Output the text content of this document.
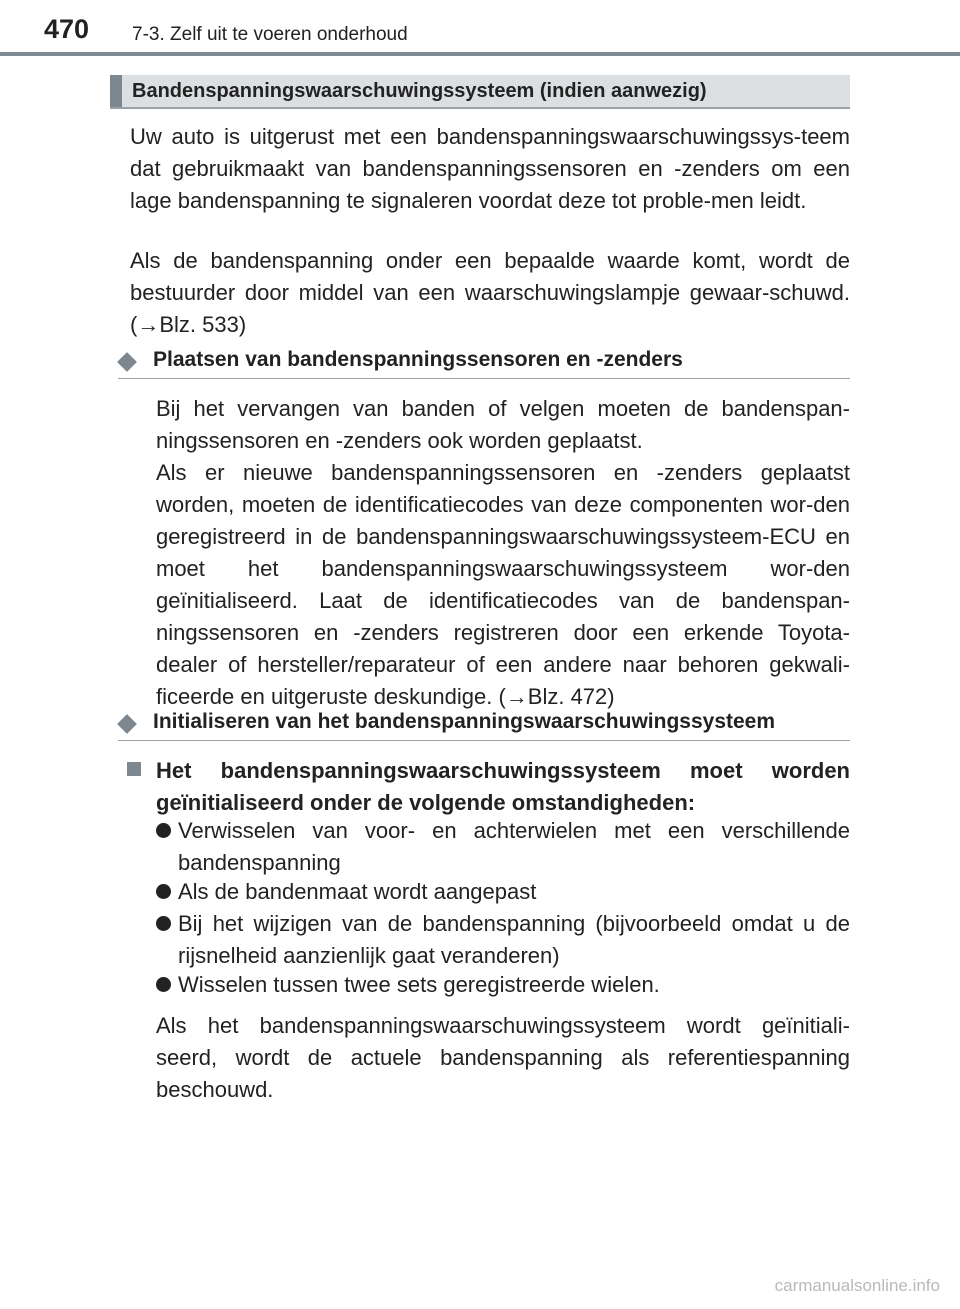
470 7-3. Zelf uit te voeren onderhoud
Bandenspanningswaarschuwingssysteem (indien aanwezig)

Uw auto is uitgerust met een bandenspanningswaarschuwingssys-teem dat gebruikmaakt van bandenspanningssensoren en -zenders om een lage bandenspanning te signaleren voordat deze tot proble-men leidt.

Als de bandenspanning onder een bepaalde waarde komt, wordt de bestuurder door middel van een waarschuwingslampje gewaar-schuwd. (→Blz. 533)

Plaatsen van bandenspanningssensoren en -zenders

Bij het vervangen van banden of velgen moeten de bandenspan-ningssensoren en -zenders ook worden geplaatst.

Als er nieuwe bandenspanningssensoren en -zenders geplaatst worden, moeten de identificatiecodes van deze componenten wor-den geregistreerd in de bandenspanningswaarschuwingssysteem-ECU en moet het bandenspanningswaarschuwingssysteem wor-den geïnitialiseerd. Laat de identificatiecodes van de bandenspan-ningssensoren en -zenders registreren door een erkende Toyota-dealer of hersteller/reparateur of een andere naar behoren gekwali-ficeerde en uitgeruste deskundige. (→Blz. 472)

Initialiseren van het bandenspanningswaarschuwingssysteem

Het bandenspanningswaarschuwingssysteem moet worden geïnitialiseerd onder de volgende omstandigheden:

Verwisselen van voor- en achterwielen met een verschillende bandenspanning

Als de bandenmaat wordt aangepast

Bij het wijzigen van de bandenspanning (bijvoorbeeld omdat u de rijsnelheid aanzienlijk gaat veranderen)

Wisselen tussen twee sets geregistreerde wielen.

Als het bandenspanningswaarschuwingssysteem wordt geïnitiali-seerd, wordt de actuele bandenspanning als referentiespanning beschouwd.

carmanualsonline.info
